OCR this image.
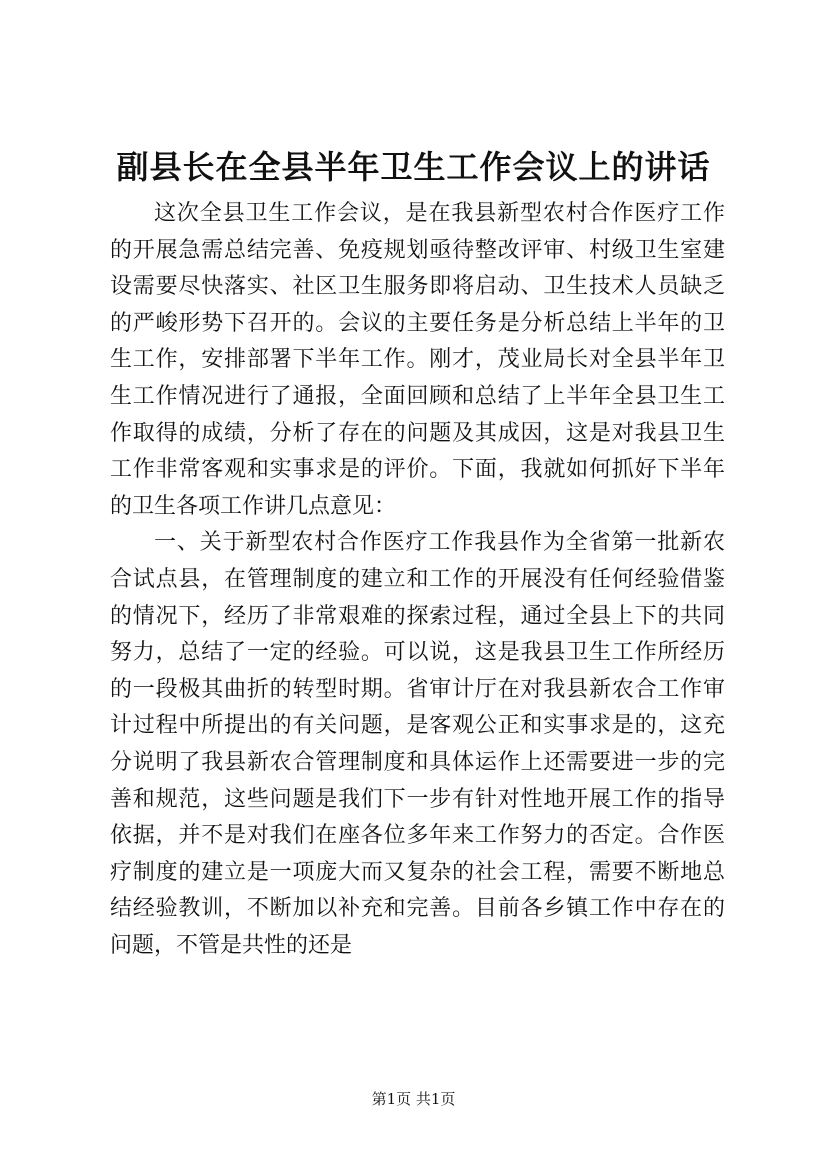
副县长在全县半年卫生工作会议上的讲话

这次全县卫生工作会议，是在我县新型农村合作医疗工作的开展急需总结完善、免疫规划亟待整改评审、村级卫生室建设需要尽快落实、社区卫生服务即将启动、卫生技术人员缺乏的严峻形势下召开的。会议的主要任务是分析总结上半年的卫生工作，安排部署下半年工作。刚才，茂业局长对全县半年卫生工作情况进行了通报，全面回顾和总结了上半年全县卫生工作取得的成绩，分析了存在的问题及其成因，这是对我县卫生工作非常客观和实事求是的评价。下面，我就如何抓好下半年的卫生各项工作讲几点意见：

一、关于新型农村合作医疗工作我县作为全省第一批新农合试点县，在管理制度的建立和工作的开展没有任何经验借鉴的情况下，经历了非常艰难的探索过程，通过全县上下的共同努力，总结了一定的经验。可以说，这是我县卫生工作所经历的一段极其曲折的转型时期。省审计厅在对我县新农合工作审计过程中所提出的有关问题，是客观公正和实事求是的，这充分说明了我县新农合管理制度和具体运作上还需要进一步的完善和规范，这些问题是我们下一步有针对性地开展工作的指导依据，并不是对我们在座各位多年来工作努力的否定。合作医疗制度的建立是一项庞大而又复杂的社会工程，需要不断地总结经验教训，不断加以补充和完善。目前各乡镇工作中存在的问题，不管是共性的还是

第1页 共1页
